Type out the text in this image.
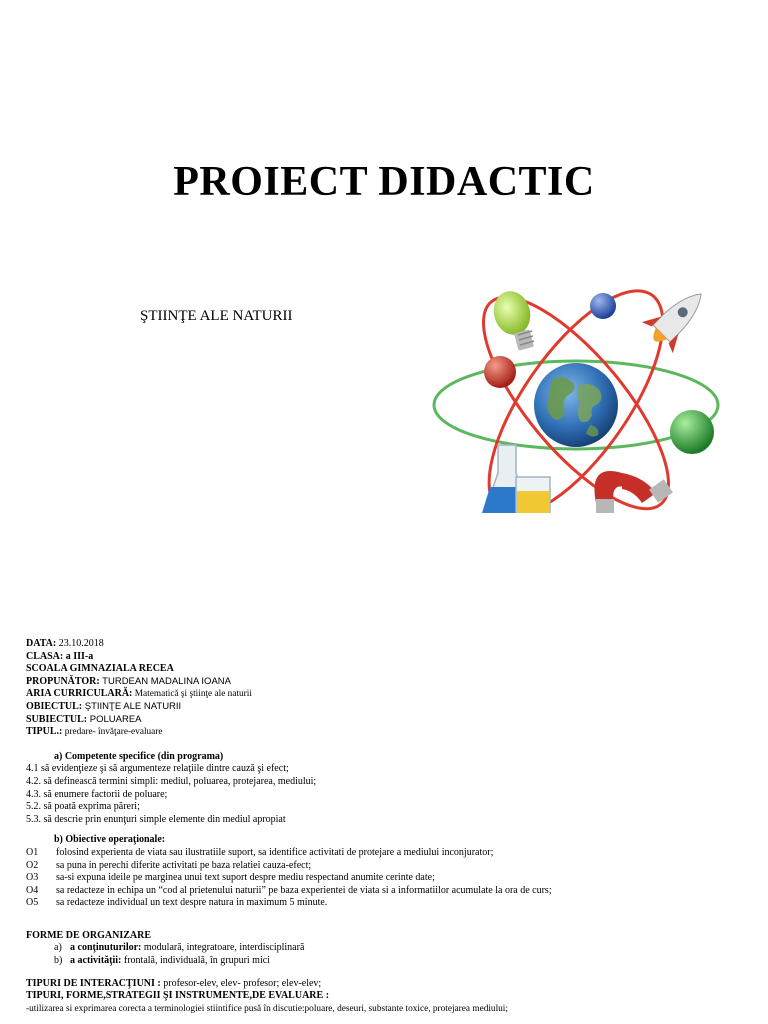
PROIECT DIDACTIC
ŞTIINŢE ALE NATURII
DATA: 23.10.2018
CLASA: a III-a
SCOALA GIMNAZIALA RECEA
PROPUNĂTOR: TURDEAN MADALINA IOANA
ARIA CURRICULARĂ: Matematică şi ştiinţe ale naturii
OBIECTUL: ŞTIINŢE ALE NATURII
SUBIECTUL: POLUAREA
TIPUL.: predare- învăţare-evaluare
a) Competente specifice (din programa)
4.1 să evidenţieze şi să argumenteze relaţiile dintre cauză şi efect;
4.2. să definească termini simpli: mediul, poluarea, protejarea, mediului;
4.3. să enumere factorii de poluare;
5.2. să poată exprima păreri;
5.3. să descrie prin enunţuri simple elemente din mediul apropiat
b) Obiective operaţionale:
O1 folosind experienta de viata sau ilustratiile suport, sa identifice activitati de protejare a mediului inconjurator;
O2 sa puna in perechi diferite activitati pe baza relatiei cauza-efect;
O3 sa-si expuna ideile pe marginea unui text suport despre mediu respectand anumite cerinte date;
O4 sa redacteze in echipa un “cod al prietenului naturii” pe baza experientei de viata si a informatiilor acumulate la ora de curs;
O5 sa redacteze individual un text despre natura in maximum 5 minute.
FORME DE ORGANIZARE
a) a conţinuturilor: modulară, integratoare, interdisciplinară
b) a activităţii: frontală, individuală, în grupuri mici
TIPURI DE INTERACŢIUNI : profesor-elev, elev- profesor; elev-elev;
TIPURI, FORME,STRATEGII ŞI INSTRUMENTE,DE EVALUARE :
-utilizarea si exprimarea corecta a terminologiei stiintifice pusă în discutie:poluare, deseuri, substante toxice, protejarea mediului;
